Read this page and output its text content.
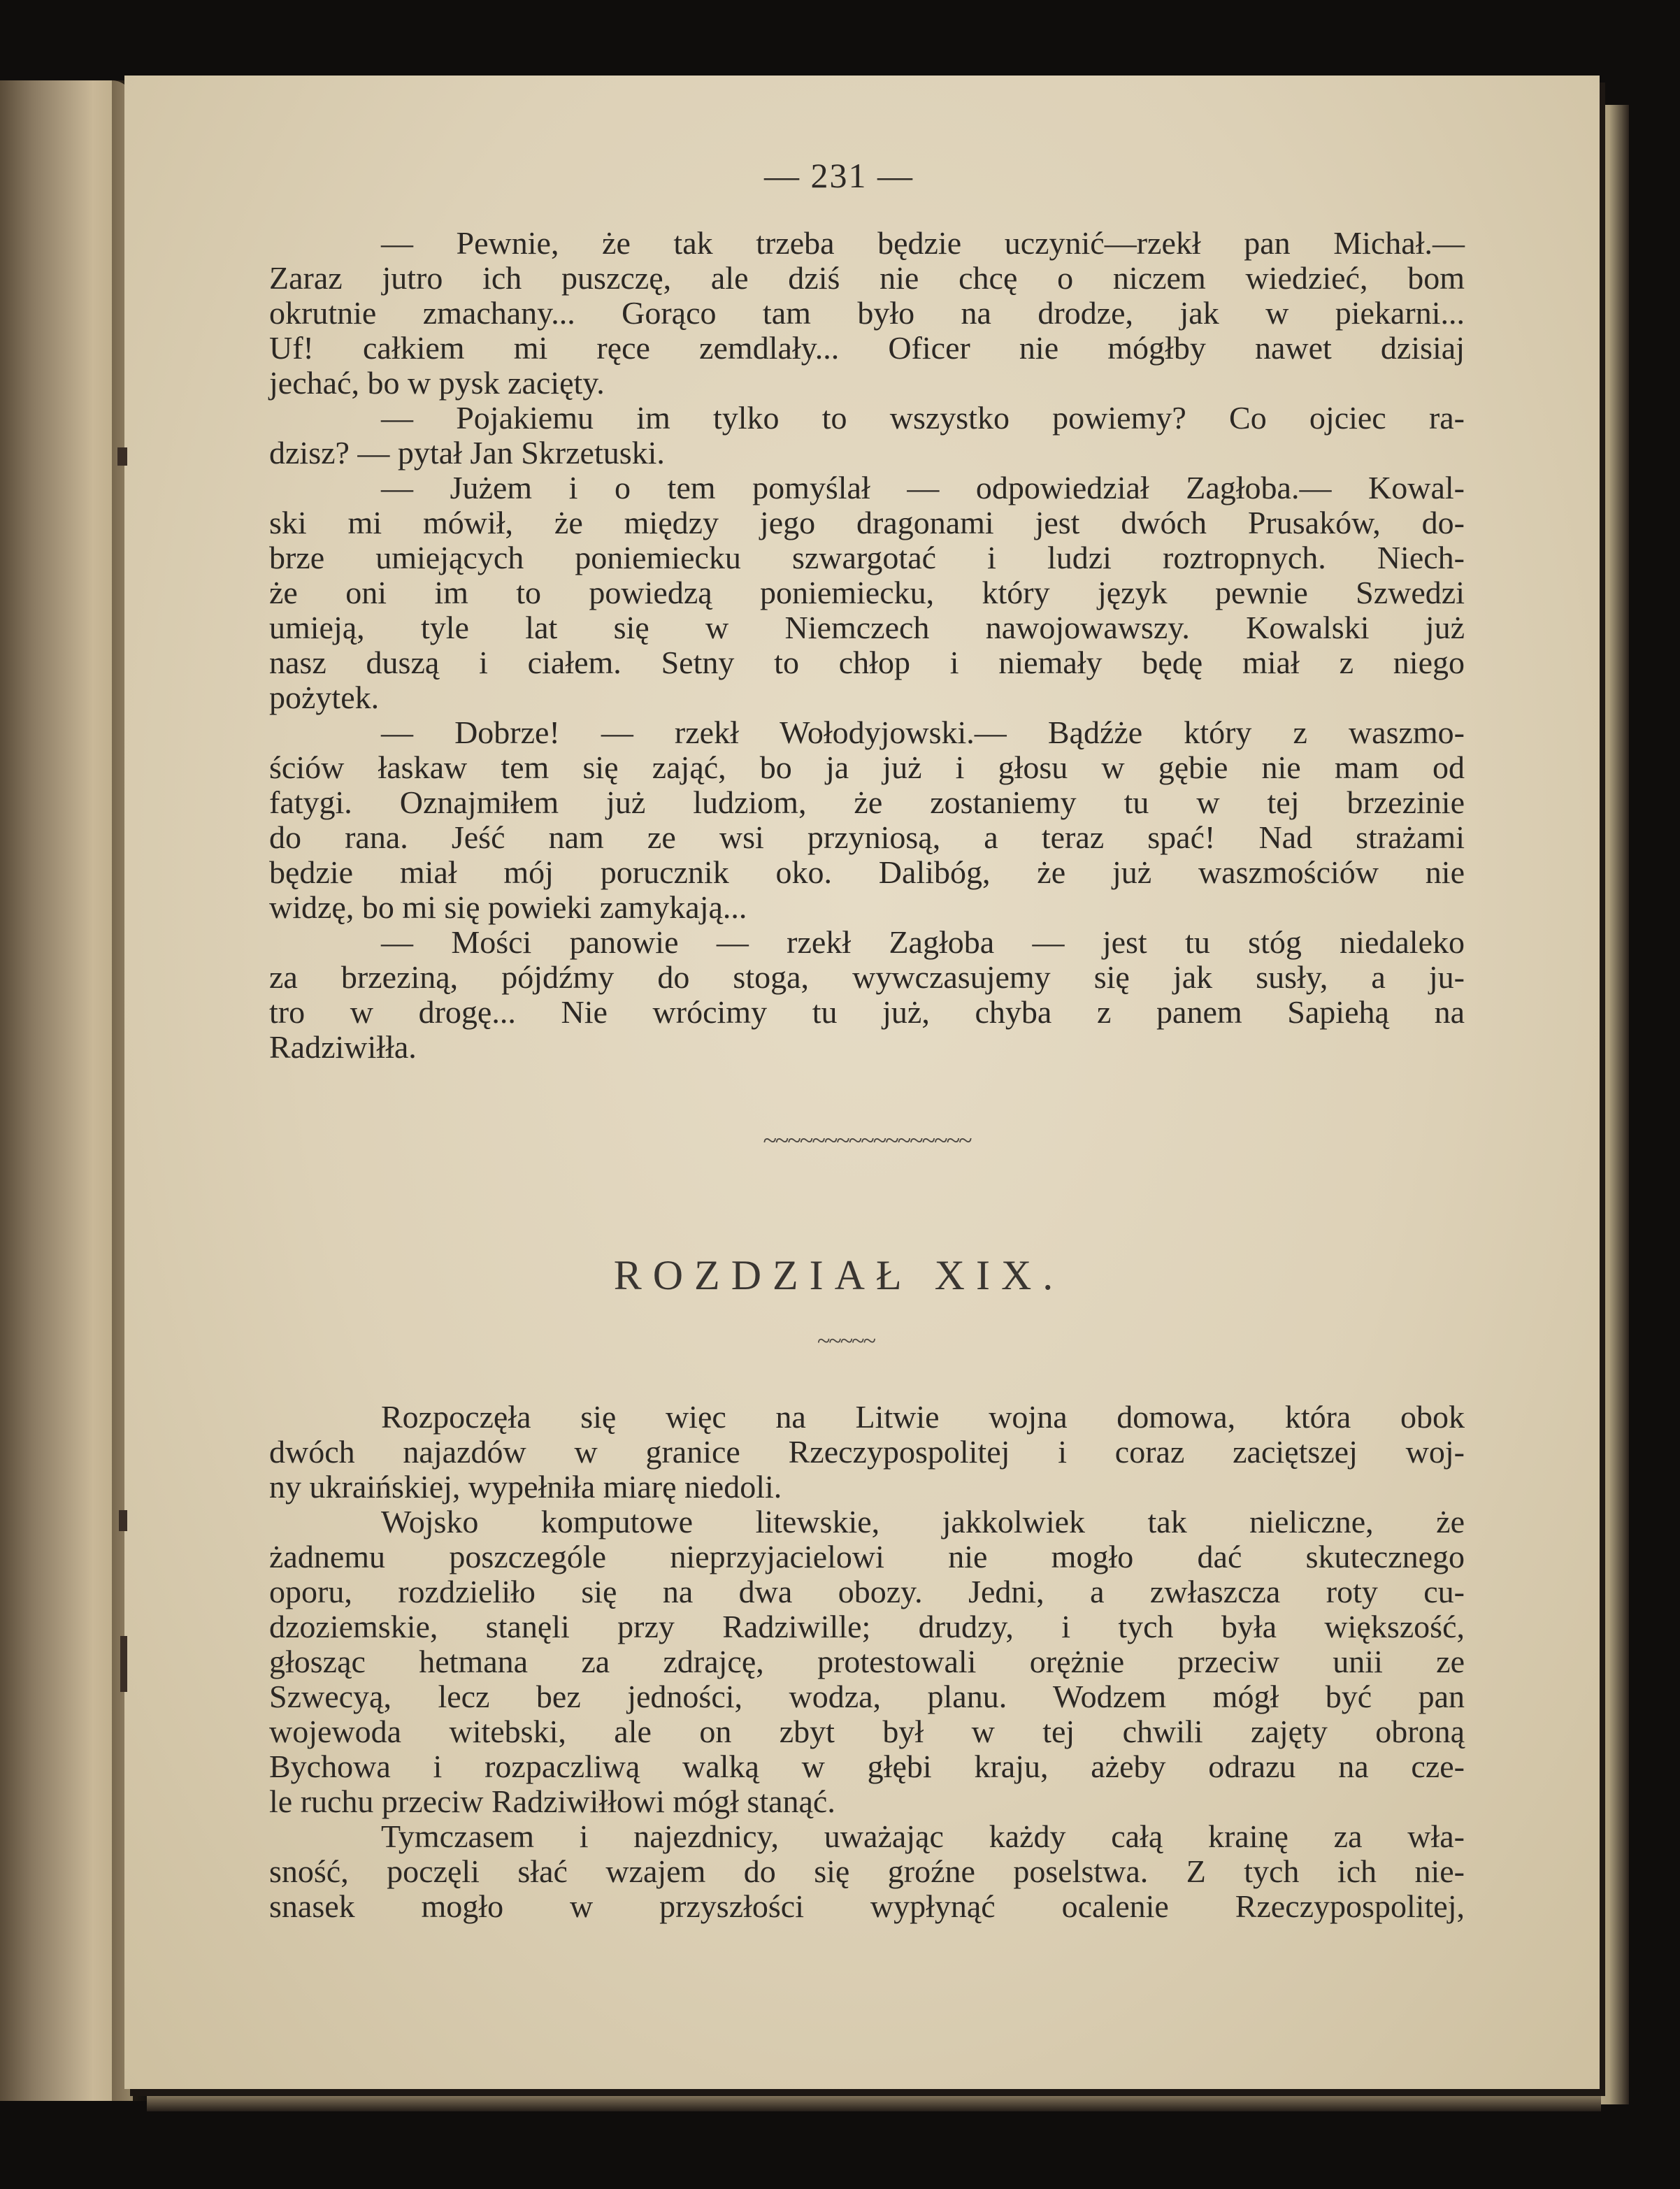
— 231 —
— Pewnie, że tak trzeba będzie uczynić—rzekł pan Michał.—
Zaraz jutro ich puszczę, ale dziś nie chcę o niczem wiedzieć, bom
okrutnie zmachany... Gorąco tam było na drodze, jak w piekarni...
Uf! całkiem mi ręce zemdlały... Oficer nie mógłby nawet dzisiaj
jechać, bo w pysk zacięty.
— Pojakiemu im tylko to wszystko powiemy? Co ojciec ra-
dzisz? — pytał Jan Skrzetuski.
— Jużem i o tem pomyślał — odpowiedział Zagłoba.— Kowal-
ski mi mówił, że między jego dragonami jest dwóch Prusaków, do-
brze umiejących poniemiecku szwargotać i ludzi roztropnych. Niech-
że oni im to powiedzą poniemiecku, który język pewnie Szwedzi
umieją, tyle lat się w Niemczech nawojowawszy. Kowalski już
nasz duszą i ciałem. Setny to chłop i niemały będę miał z niego
pożytek.
— Dobrze! — rzekł Wołodyjowski.— Bądźże który z waszmo-
ściów łaskaw tem się zająć, bo ja już i głosu w gębie nie mam od
fatygi. Oznajmiłem już ludziom, że zostaniemy tu w tej brzezinie
do rana. Jeść nam ze wsi przyniosą, a teraz spać! Nad strażami
będzie miał mój porucznik oko. Dalibóg, że już waszmościów nie
widzę, bo mi się powieki zamykają...
— Mości panowie — rzekł Zagłoba — jest tu stóg niedaleko
za brzeziną, pójdźmy do stoga, wywczasujemy się jak susły, a ju-
tro w drogę... Nie wrócimy tu już, chyba z panem Sapiehą na
Radziwiłła.
~~~~~~~~~~~~~~~~~
ROZDZIAŁ XIX.
~~~~~
Rozpoczęła się więc na Litwie wojna domowa, która obok
dwóch najazdów w granice Rzeczypospolitej i coraz zaciętszej woj-
ny ukraińskiej, wypełniła miarę niedoli.
Wojsko komputowe litewskie, jakkolwiek tak nieliczne, że
żadnemu poszczególe nieprzyjacielowi nie mogło dać skutecznego
oporu, rozdzieliło się na dwa obozy. Jedni, a zwłaszcza roty cu-
dzoziemskie, stanęli przy Radziwille; drudzy, i tych była większość,
głosząc hetmana za zdrajcę, protestowali orężnie przeciw unii ze
Szwecyą, lecz bez jedności, wodza, planu. Wodzem mógł być pan
wojewoda witebski, ale on zbyt był w tej chwili zajęty obroną
Bychowa i rozpaczliwą walką w głębi kraju, ażeby odrazu na cze-
le ruchu przeciw Radziwiłłowi mógł stanąć.
Tymczasem i najezdnicy, uważając każdy całą krainę za wła-
sność, poczęli słać wzajem do się groźne poselstwa. Z tych ich nie-
snasek mogło w przyszłości wypłynąć ocalenie Rzeczypospolitej,
